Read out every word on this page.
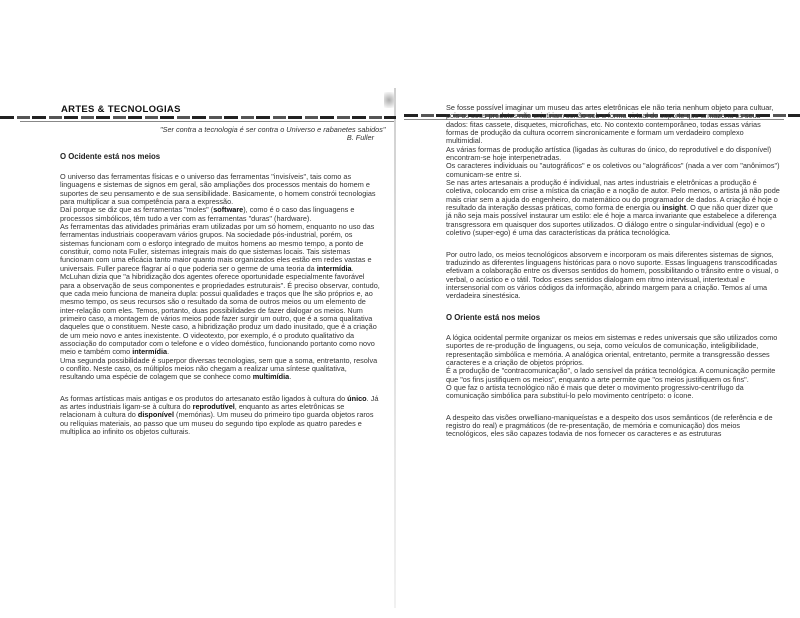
ARTES & TECNOLOGIAS
"Ser contra a tecnologia é ser contra o Universo e rabanetes sabidos"
B. Fuller
O Ocidente está nos meios
O universo das ferramentas físicas e o universo das ferramentas "invisíveis", tais como as linguagens e sistemas de signos em geral, são ampliações dos processos mentais do homem e suportes de seu pensamento e de sua sensibilidade. Basicamente, o homem constrói tecnologias para multiplicar a sua competência para a expressão.
Daí porque se diz que as ferramentas "moles" (software), como é o caso das linguagens e processos simbólicos, têm tudo a ver com as ferramentas "duras" (hardware).
As ferramentas das atividades primárias eram utilizadas por um só homem, enquanto no uso das ferramentas industriais cooperavam vários grupos. Na sociedade pós-industrial, porém, os sistemas funcionam com o esforço integrado de muitos homens ao mesmo tempo, a ponto de constituir, como nota Fuller, sistemas integrais mais do que sistemas locais. Tais sistemas funcionam com uma eficácia tanto maior quanto mais organizados eles estão em redes vastas e universais. Fuller parece flagrar aí o que poderia ser o germe de uma teoria da intermídia.
McLuhan dizia que "a hibridização dos agentes oferece oportunidade especialmente favorável para a observação de seus componentes e propriedades estruturais". É preciso observar, contudo, que cada meio funciona de maneira dupla: possui qualidades e traços que lhe são próprios e, ao mesmo tempo, os seus recursos são o resultado da soma de outros meios ou um elemento de inter-relação com eles. Temos, portanto, duas possibilidades de fazer dialogar os meios. Num primeiro caso, a montagem de vários meios pode fazer surgir um outro, que é a soma qualitativa daqueles que o constituem. Neste caso, a hibridização produz um dado inusitado, que é a criação de um meio novo e antes inexistente. O videotexto, por exemplo, é o produto qualitativo da associação do computador com o telefone e o vídeo doméstico, funcionando portanto como novo meio e também como intermídia.
Uma segunda possibilidade é superpor diversas tecnologias, sem que a soma, entretanto, resolva o conflito. Neste caso, os múltiplos meios não chegam a realizar uma síntese qualitativa, resultando uma espécie de colagem que se conhece como multimídia.
As formas artísticas mais antigas e os produtos do artesanato estão ligados à cultura do único. Já as artes industriais ligam-se à cultura do reprodutível, enquanto as artes eletrônicas se relacionam à cultura do disponível (memórias). Um museu do primeiro tipo guarda objetos raros ou relíquias materiais, ao passo que um museu do segundo tipo explode as quatro paredes e multiplica ao infinito os objetos culturais.
Se fosse possível imaginar um museu das artes eletrônicas ele não teria nenhum objeto para cultuar, pois os seus produtos não existiriam senão sob a forma virtual do suporte que armazena os seus dados: fitas cassete, disquetes, microfichas, etc. No contexto contemporâneo, todas essas várias formas de produção da cultura ocorrem sincronicamente e formam um verdadeiro complexo multimidial.
As várias formas de produção artística (ligadas às culturas do único, do reprodutível e do disponível) encontram-se hoje interpenetradas.
Os caracteres individuais ou "autográficos" e os coletivos ou "alográficos" (nada a ver com "anônimos") comunicam-se entre si.
Se nas artes artesanais a produção é individual, nas artes industriais e eletrônicas a produção é coletiva, colocando em crise a mística da criação e a noção de autor. Pelo menos, o artista já não pode mais criar sem a ajuda do engenheiro, do matemático ou do programador de dados. A criação é hoje o resultado da interação dessas práticas, como forma de energia ou insight. O que não quer dizer que já não seja mais possível instaurar um estilo: ele é hoje a marca invariante que estabelece a diferença transgressora em quaisquer dos suportes utilizados. O diálogo entre o singular-individual (ego) e o coletivo (super-ego) é uma das características da prática tecnológica.
Por outro lado, os meios tecnológicos absorvem e incorporam os mais diferentes sistemas de signos, traduzindo as diferentes linguagens históricas para o novo suporte. Essas linguagens transcodificadas efetivam a colaboração entre os diversos sentidos do homem, possibilitando o trânsito entre o visual, o verbal, o acústico e o tátil. Todos esses sentidos dialogam em ritmo intervisual, intertextual e intersensorial com os vários códigos da informação, abrindo margem para a criação. Temos aí uma verdadeira sinestésica.
O Oriente está nos meios
A lógica ocidental permite organizar os meios em sistemas e redes universais que são utilizados como suportes de re-produção de linguagens, ou seja, como veículos de comunicação, inteligibilidade, representação simbólica e memória. A analógica oriental, entretanto, permite a transgressão desses caracteres e a criação de objetos próprios.
É a produção de "contracomunicação", o lado sensível da prática tecnológica. A comunicação permite que "os fins justifiquem os meios", enquanto a arte permite que "os meios justifiquem os fins".
O que faz o artista tecnológico não é mais que deter o movimento progressivo-centrífugo da comunicação simbólica para substituí-lo pelo movimento centrípeto: o ícone.
A despeito das visões orwelliano-maniqueístas e a despeito dos usos semânticos (de referência e de registro do real) e pragmáticos (de re-presentação, de memória e comunicação) dos meios tecnológicos, eles são capazes todavia de nos fornecer os caracteres e as estruturas
